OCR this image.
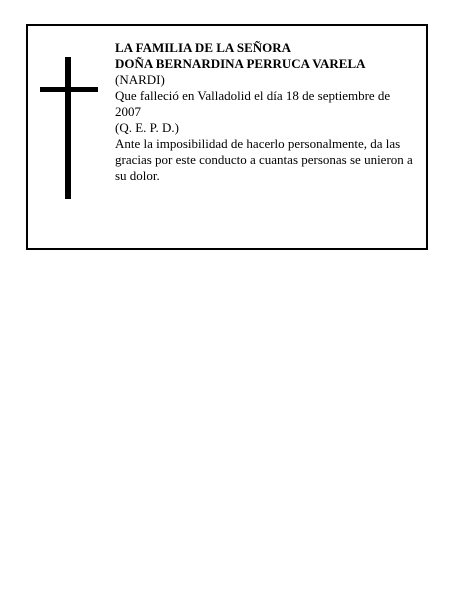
LA FAMILIA DE LA SEÑORA
DOÑA BERNARDINA PERRUCA VARELA
(NARDI)
Que falleció en Valladolid el día 18 de septiembre de
2007
(Q. E. P. D.)
Ante la imposibilidad de hacerlo personalmente, da las gracias por este conducto a cuantas personas se unieron a su dolor.
